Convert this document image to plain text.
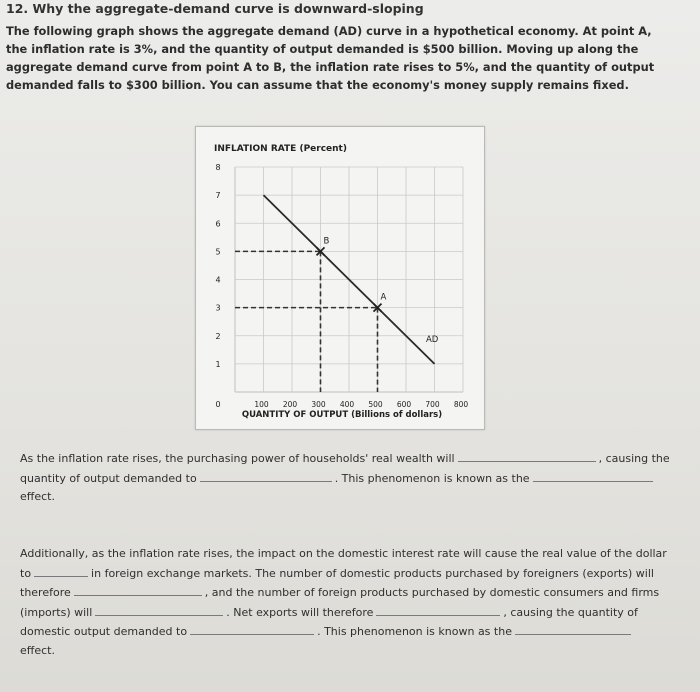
12. Why the aggregate-demand curve is downward-sloping
The following graph shows the aggregate demand (AD) curve in a hypothetical economy. At point A, the inflation rate is 3%, and the quantity of output demanded is $500 billion. Moving up along the aggregate demand curve from point A to B, the inflation rate rises to 5%, and the quantity of output demanded falls to $300 billion. You can assume that the economy's money supply remains fixed.
INFLATION RATE (Percent)
1
2
3
4
5
6
7
8
0	100 200 300 400 500 600 700 800
AD
B
A
QUANTITY OF OUTPUT (Billions of dollars)
As the inflation rate rises, the purchasing power of households' real wealth will	, causing the
quantity of output demanded to	. This phenomenon is known as the
effect.
Additionally, as the inflation rate rises, the impact on the domestic interest rate will cause the real value of the dollar
to	in foreign exchange markets. The number of domestic products purchased by foreigners (exports) will
therefore	, and the number of foreign products purchased by domestic consumers and firms
(imports) will	. Net exports will therefore	, causing the quantity of
domestic output demanded to	. This phenomenon is known as the
effect.
